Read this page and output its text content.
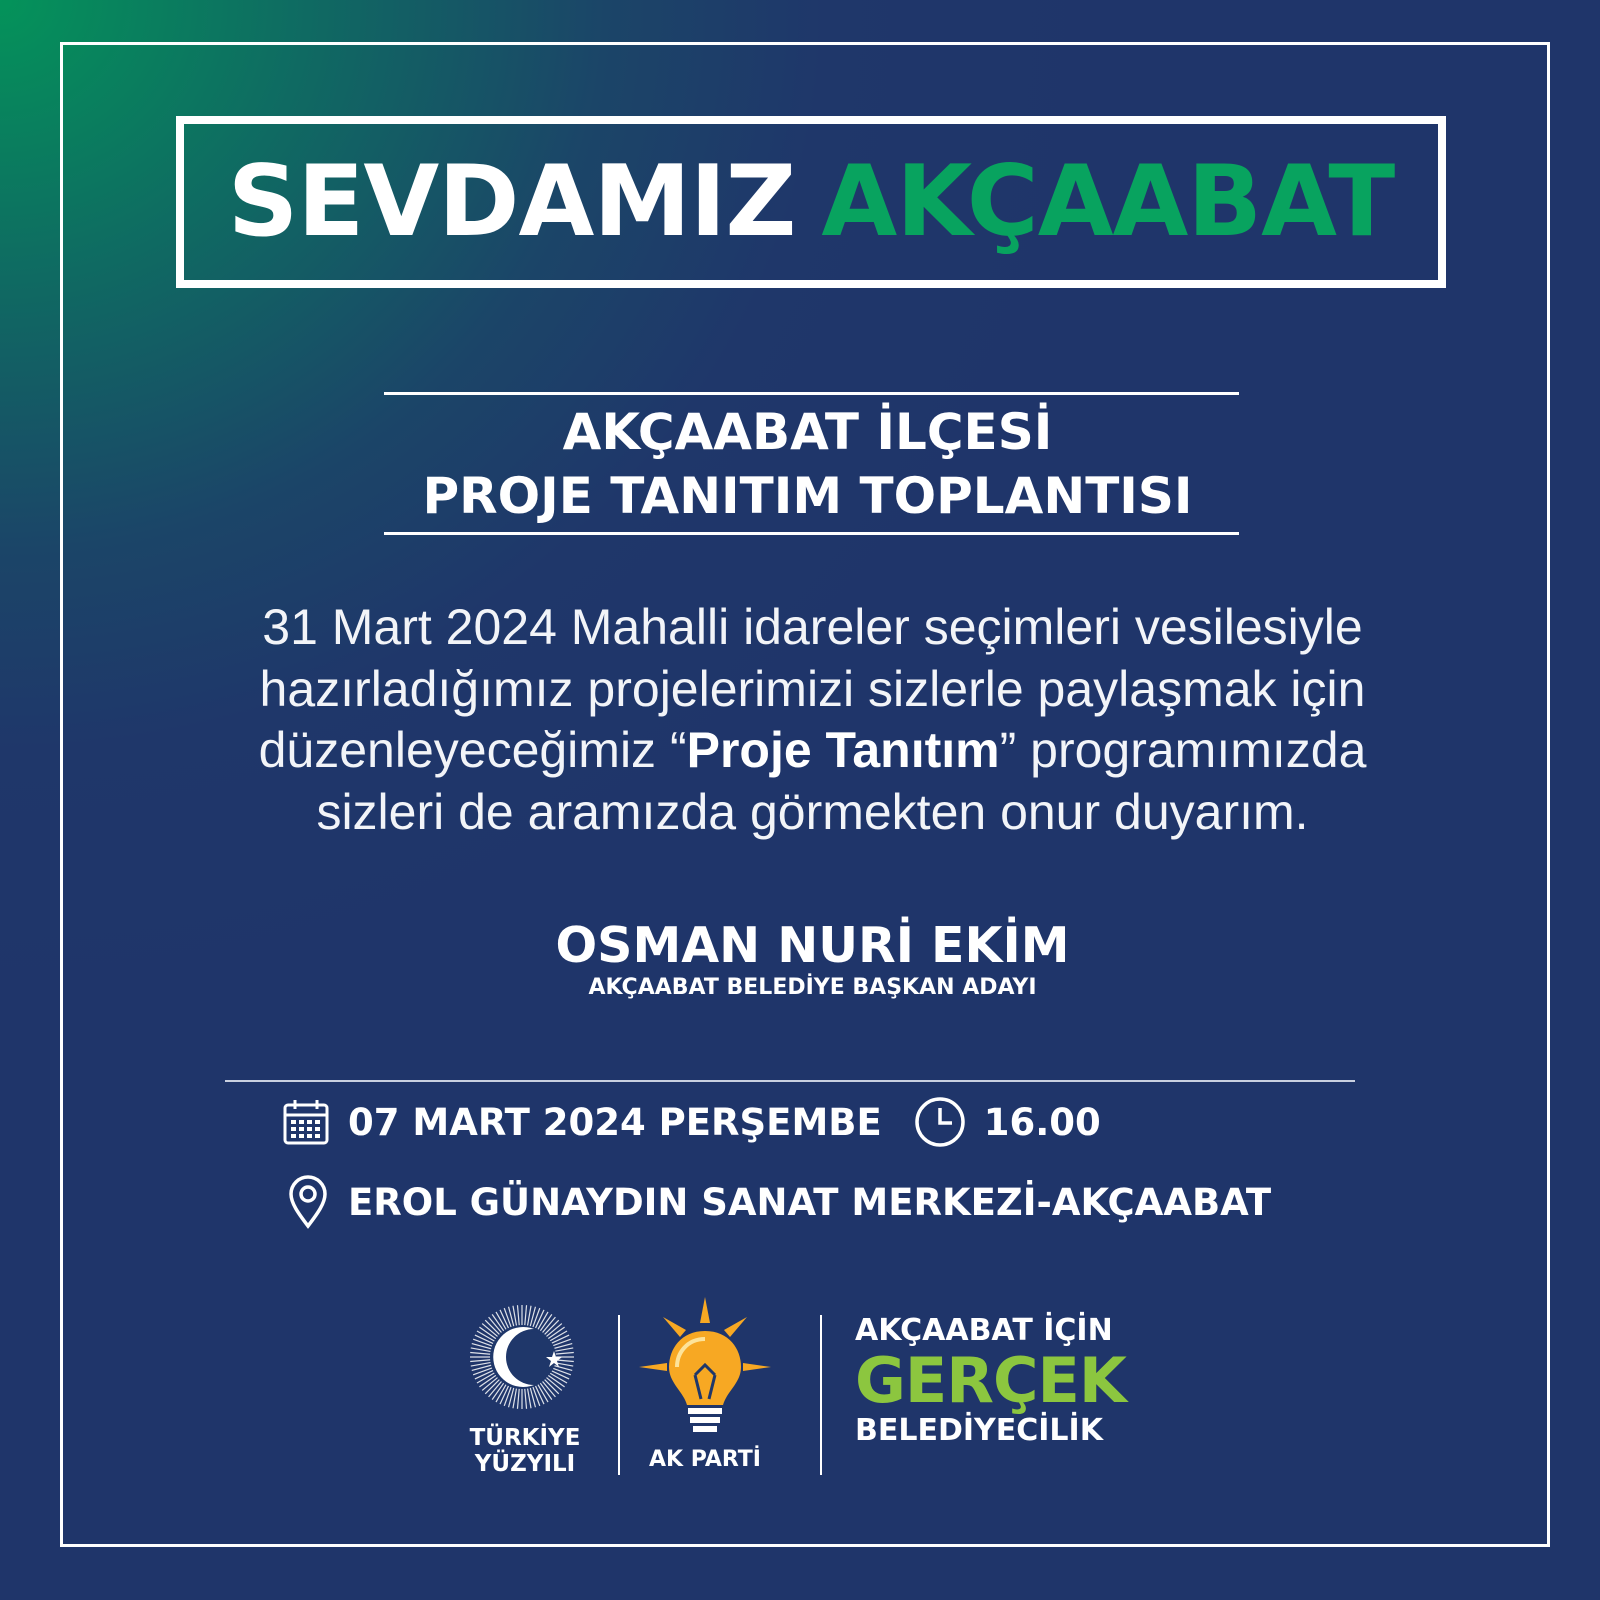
SEVDAMIZ AKÇAABAT
AKÇAABAT İLÇESİ
PROJE TANITIM TOPLANTISI
31 Mart 2024 Mahalli idareler seçimleri vesilesiyle
hazırladığımız projelerimizi sizlerle paylaşmak için
düzenleyeceğimiz “Proje Tanıtım” programımızda
sizleri de aramızda görmekten onur duyarım.
OSMAN NURİ EKİM
AKÇAABAT BELEDİYE BAŞKAN ADAYI
07 MART 2024 PERŞEMBE	16.00
EROL GÜNAYDIN SANAT MERKEZİ-AKÇAABAT
TÜRKİYE
YÜZYILI	AK PARTİ
AKÇAABAT İÇİN
GERÇEK
BELEDİYECİLİK
